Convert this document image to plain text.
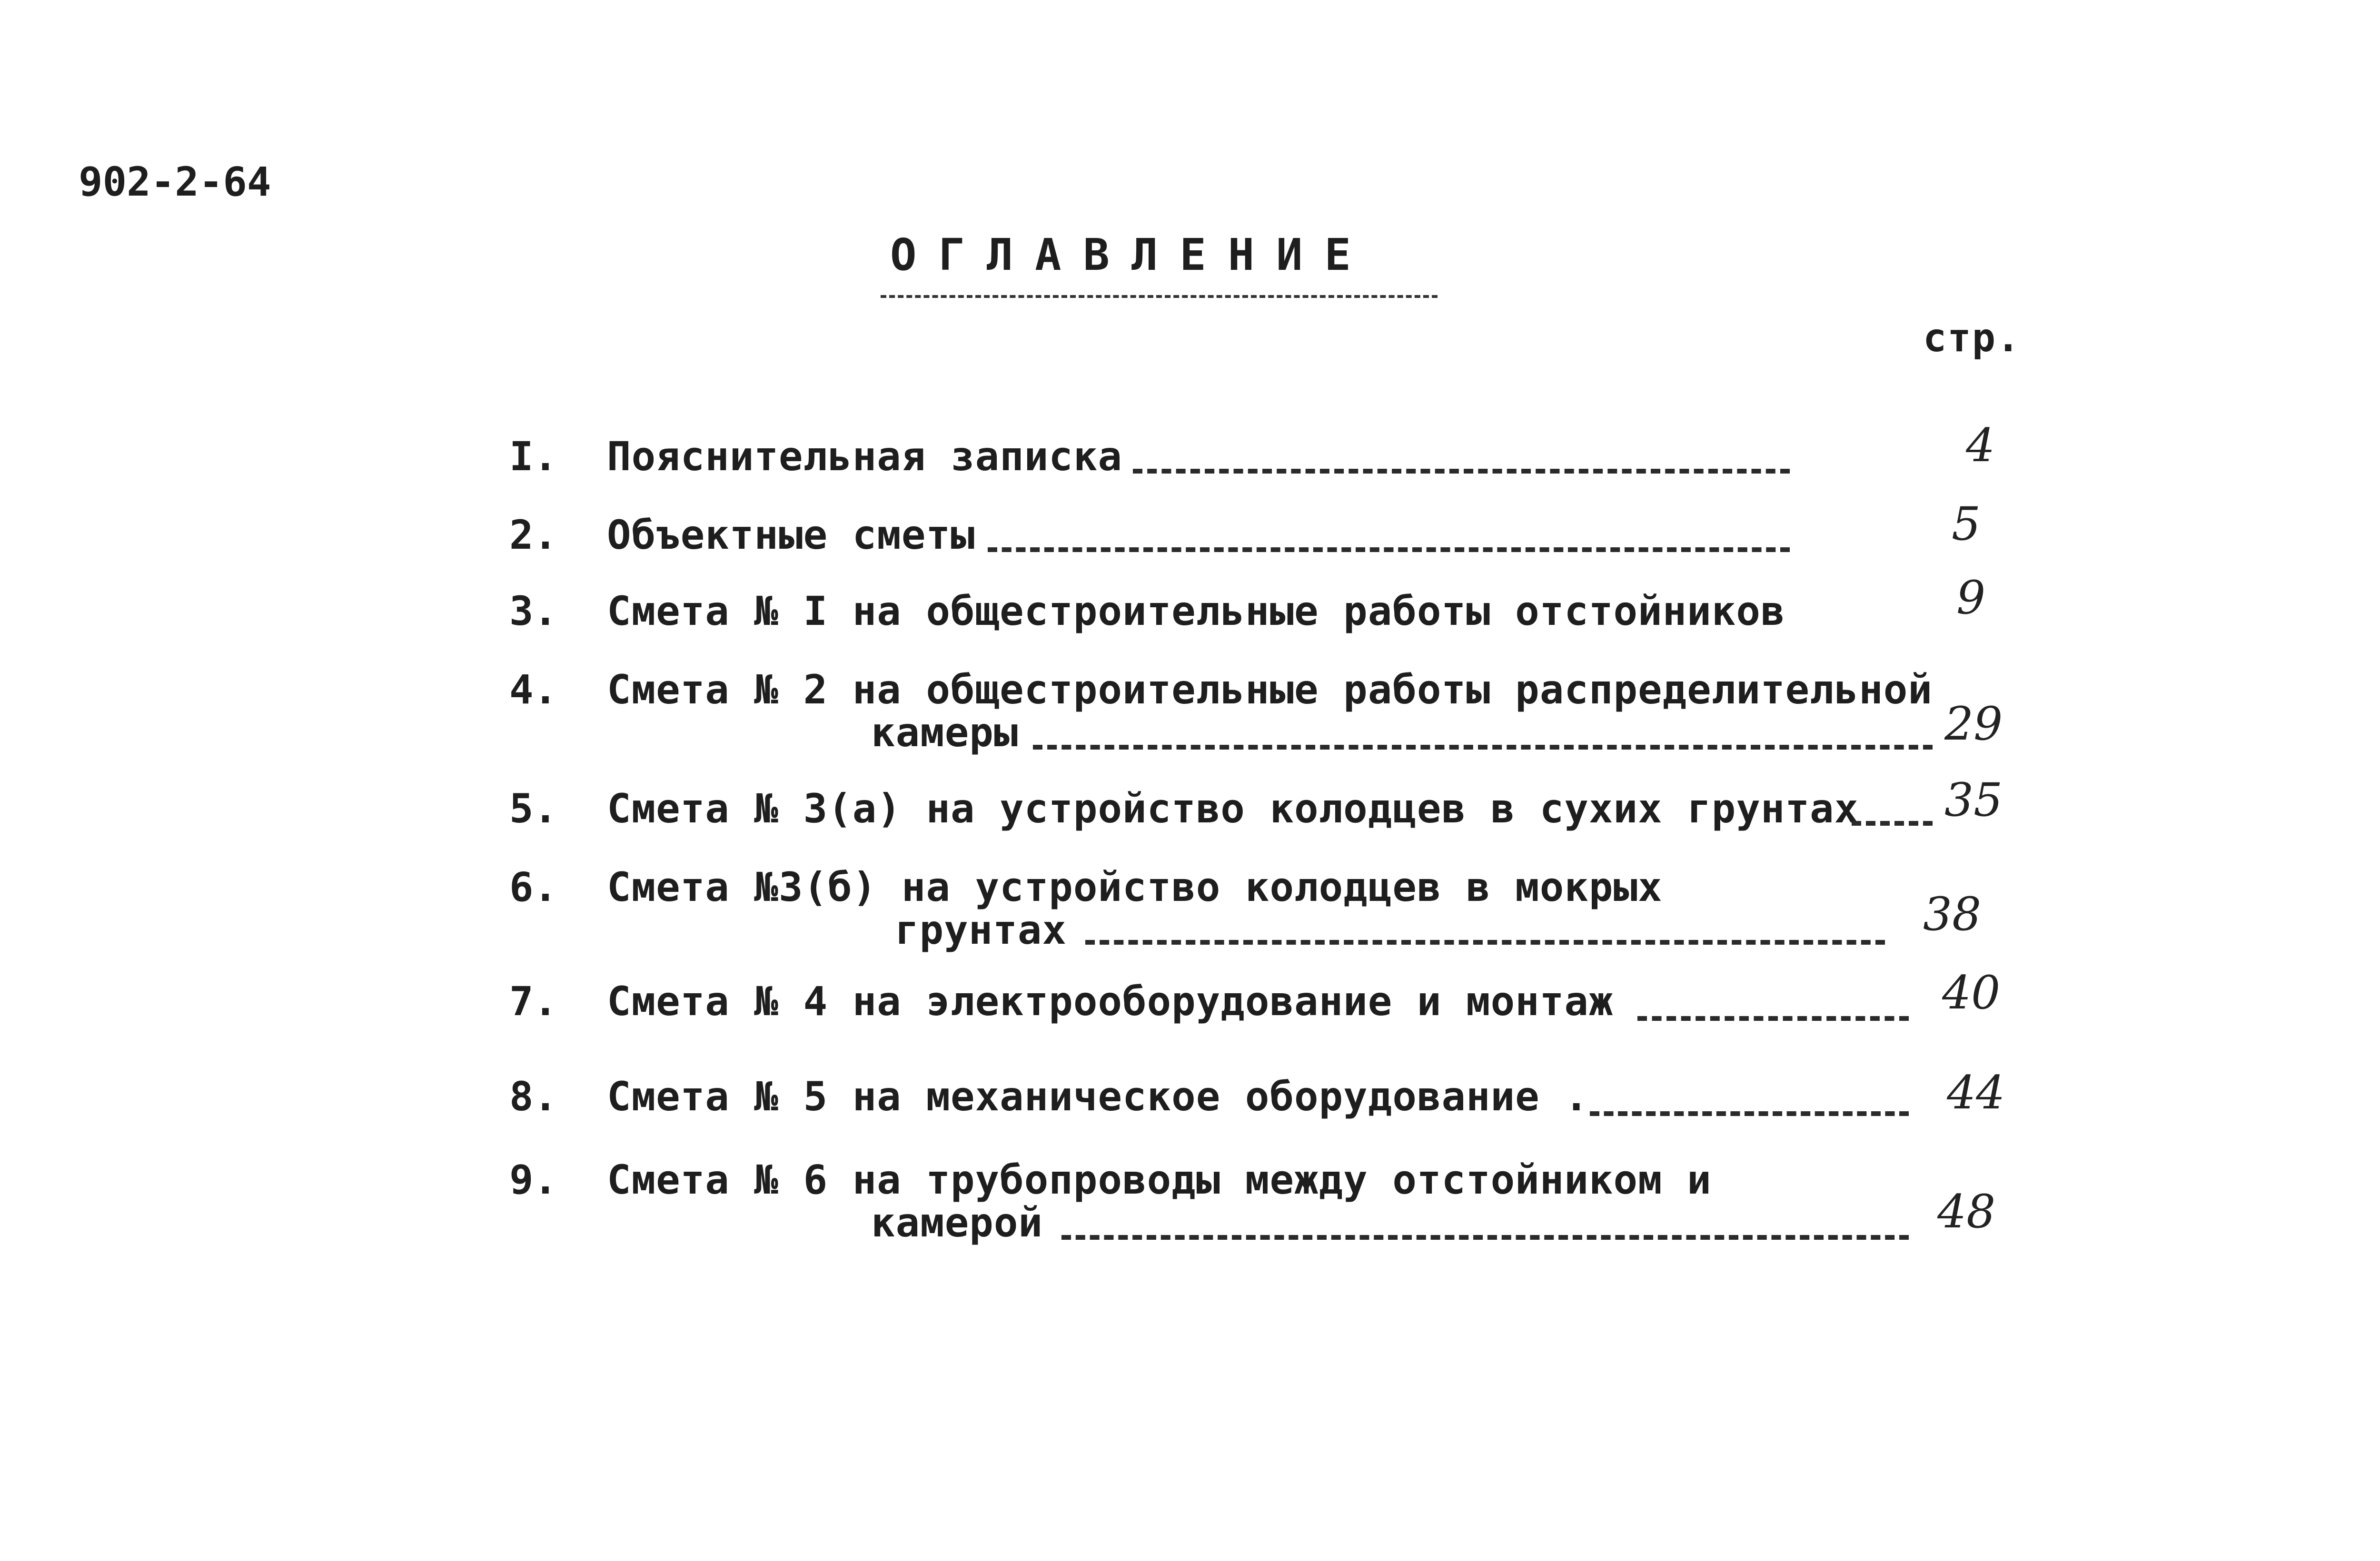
902-2-64
ОГЛАВЛЕНИЕ
стр.
I. Пояснительная записка	4
2. Объектные сметы	5
3. Смета № I на общестроительные работы отстойников	9
4. Смета № 2 на общестроительные работы распределительной
камеры	29
5. Смета № 3(а) на устройство колодцев в сухих грунтах 35
6. Смета №3(б) на устройство колодцев в мокрых
грунтах	38
7. Смета № 4 на электрооборудование и монтаж	40
8. Смета № 5 на механическое оборудование .	44
9. Смета № 6 на трубопроводы между отстойником и
камерой	48
